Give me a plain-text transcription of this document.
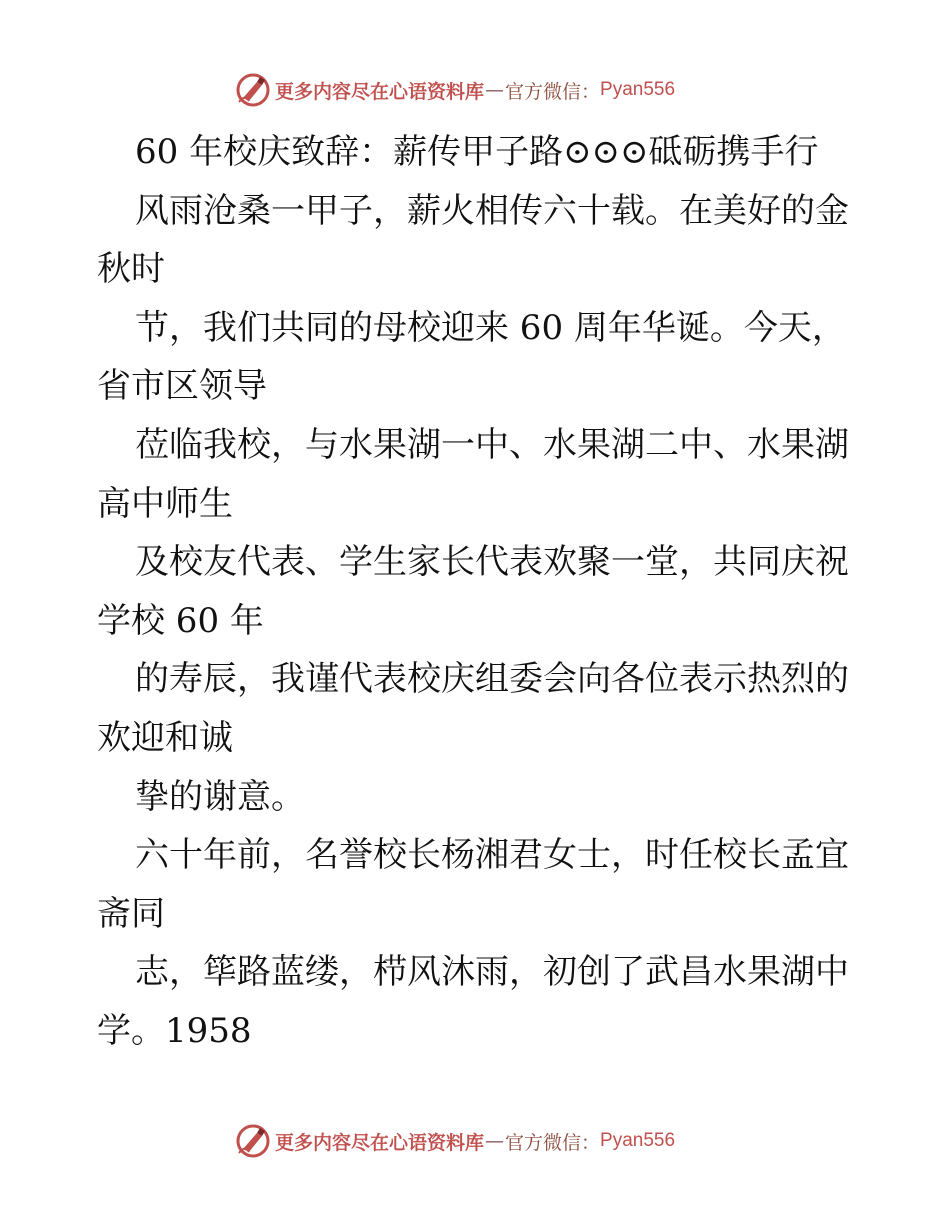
更多内容尽在心语资料库 — 官方微信： Pyan556
60 年校庆致辞：薪传甲子路⊙⊙⊙砥砺携手行
风雨沧桑一甲子，薪火相传六十载。在美好的金
秋时
节，我们共同的母校迎来 60 周年华诞。今天，
省市区领导
莅临我校，与水果湖一中、水果湖二中、水果湖
高中师生
及校友代表、学生家长代表欢聚一堂，共同庆祝
学校 60 年
的寿辰，我谨代表校庆组委会向各位表示热烈的
欢迎和诚
挚的谢意。
六十年前，名誉校长杨湘君女士，时任校长孟宜
斋同
志，筚路蓝缕，栉风沐雨，初创了武昌水果湖中
学。1958
更多内容尽在心语资料库 — 官方微信： Pyan556
